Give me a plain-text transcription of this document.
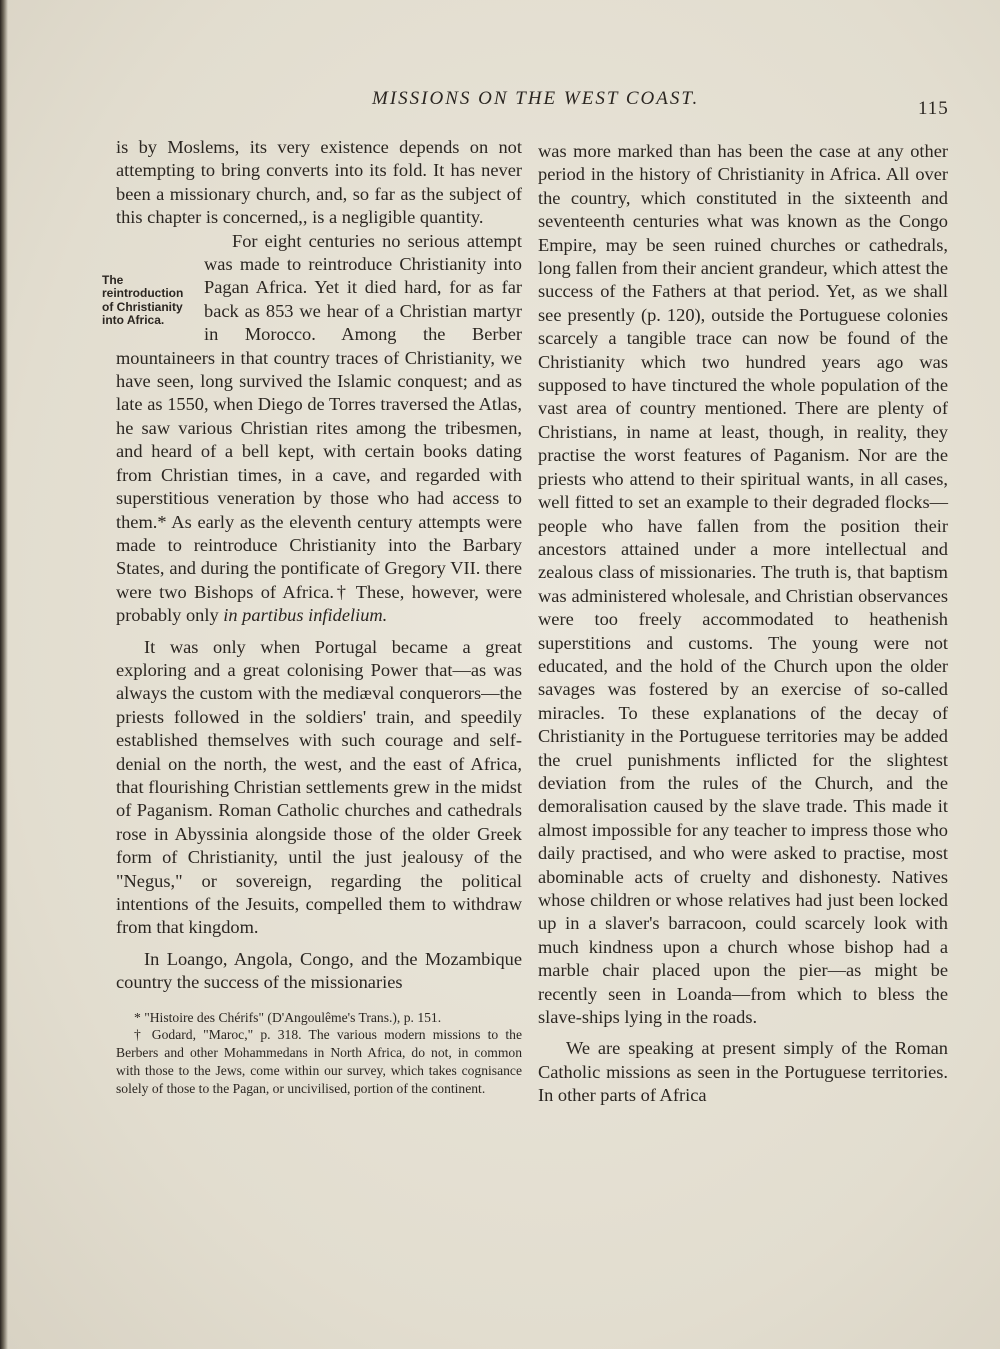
MISSIONS ON THE WEST COAST.	115

is by Moslems, its very existence depends on not attempting to bring converts into its fold. It has never been a missionary church, and, so far as the subject of this chapter is concerned,, is a negligible quantity.

The reintroduction of Christianity into Africa.
For eight centuries no serious attempt was made to reintroduce Christianity into Pagan Africa. Yet it died hard, for as far back as 853 we hear of a Christian martyr in Morocco. Among the Berber mountaineers in that country traces of Christianity, we have seen, long survived the Islamic conquest; and as late as 1550, when Diego de Torres traversed the Atlas, he saw various Christian rites among the tribesmen, and heard of a bell kept, with certain books dating from Christian times, in a cave, and regarded with superstitious veneration by those who had access to them.* As early as the eleventh century attempts were made to reintroduce Christianity into the Barbary States, and during the pontificate of Gregory VII. there were two Bishops of Africa.† These, however, were probably only in partibus infidelium.

It was only when Portugal became a great exploring and a great colonising Power that—as was always the custom with the mediæval conquerors—the priests followed in the soldiers' train, and speedily established themselves with such courage and self-denial on the north, the west, and the east of Africa, that flourishing Christian settlements grew in the midst of Paganism. Roman Catholic churches and cathedrals rose in Abyssinia alongside those of the older Greek form of Christianity, until the just jealousy of the "Negus," or sovereign, regarding the political intentions of the Jesuits, compelled them to withdraw from that kingdom.

In Loango, Angola, Congo, and the Mozambique country the success of the missionaries

* "Histoire des Chérifs" (D'Angoulême's Trans.), p. 151.

† Godard, "Maroc," p. 318. The various modern missions to the Berbers and other Mohammedans in North Africa, do not, in common with those to the Jews, come within our survey, which takes cognisance solely of those to the Pagan, or uncivilised, portion of the continent.

was more marked than has been the case at any other period in the history of Christianity in Africa. All over the country, which constituted in the sixteenth and seventeenth centuries what was known as the Congo Empire, may be seen ruined churches or cathedrals, long fallen from their ancient grandeur, which attest the success of the Fathers at that period. Yet, as we shall see presently (p. 120), outside the Portuguese colonies scarcely a tangible trace can now be found of the Christianity which two hundred years ago was supposed to have tinctured the whole population of the vast area of country mentioned. There are plenty of Christians, in name at least, though, in reality, they practise the worst features of Paganism. Nor are the priests who attend to their spiritual wants, in all cases, well fitted to set an example to their degraded flocks—people who have fallen from the position their ancestors attained under a more intellectual and zealous class of missionaries. The truth is, that baptism was administered wholesale, and Christian observances were too freely accommodated to heathenish superstitions and customs. The young were not educated, and the hold of the Church upon the older savages was fostered by an exercise of so-called miracles. To these explanations of the decay of Christianity in the Portuguese territories may be added the cruel punishments inflicted for the slightest deviation from the rules of the Church, and the demoralisation caused by the slave trade. This made it almost impossible for any teacher to impress those who daily practised, and who were asked to practise, most abominable acts of cruelty and dishonesty. Natives whose children or whose relatives had just been locked up in a slaver's barracoon, could scarcely look with much kindness upon a church whose bishop had a marble chair placed upon the pier—as might be recently seen in Loanda—from which to bless the slave-ships lying in the roads.

We are speaking at present simply of the Roman Catholic missions as seen in the Portuguese territories. In other parts of Africa
